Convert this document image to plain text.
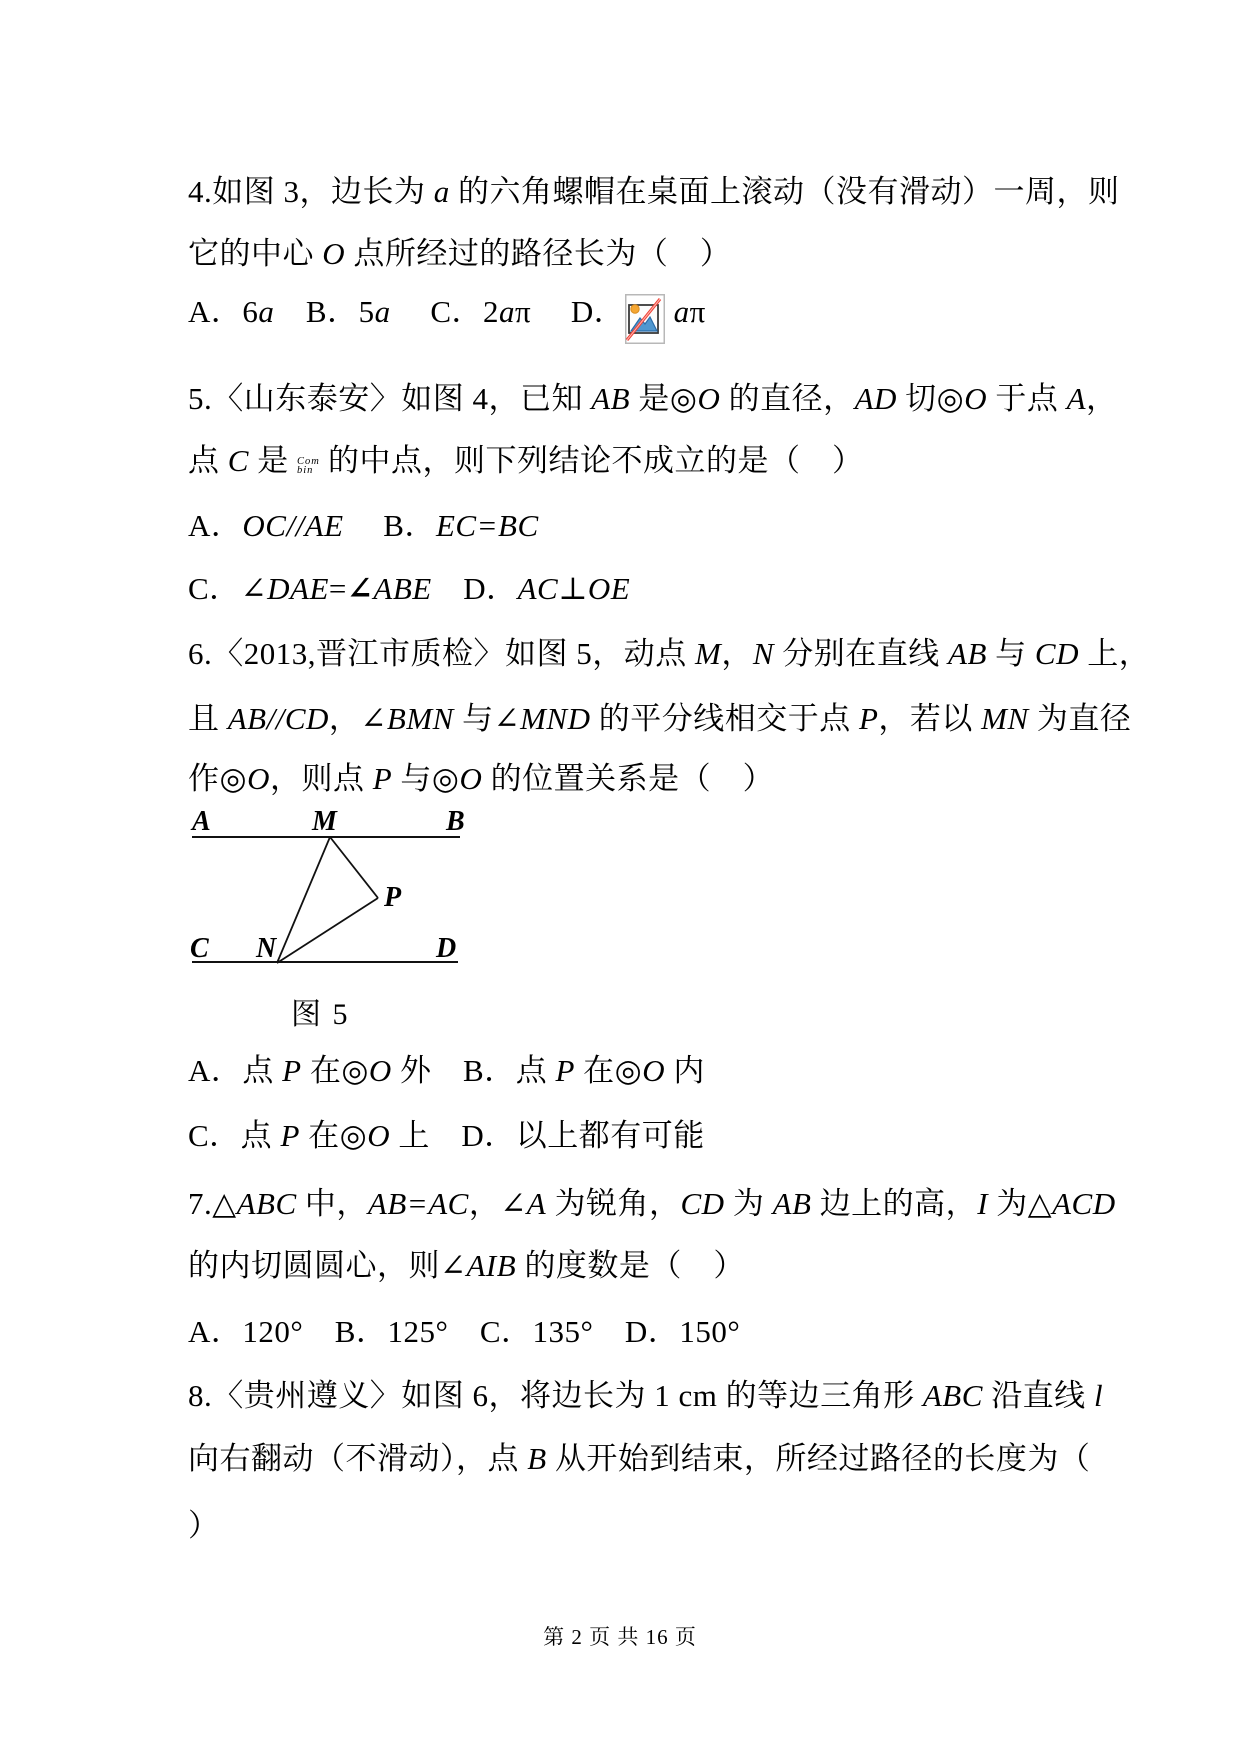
4.如图 3，边长为 a 的六角螺帽在桌面上滚动（没有滑动）一周，则
它的中心 O 点所经过的路径长为（　）
A．6a　B．5a　 C．2aπ　 D． aπ
5.〈山东泰安〉如图 4，已知 AB 是◎O 的直径，AD 切◎O 于点 A，
点 C 是 Com
bin 的中点，则下列结论不成立的是（　）
A．OC//AE　 B．EC=BC
C．∠DAE=∠ABE　D．AC⊥OE
6.〈2013,晋江市质检〉如图 5，动点 M，N 分别在直线 AB 与 CD 上，
且 AB//CD，∠BMN 与∠MND 的平分线相交于点 P，若以 MN 为直径
作◎O，则点 P 与◎O 的位置关系是（　）
A．点 P 在◎O 外　B．点 P 在◎O 内
C．点 P 在◎O 上　D．以上都有可能
7.△ABC 中，AB=AC，∠A 为锐角，CD 为 AB 边上的高，I 为△ACD
的内切圆圆心，则∠AIB 的度数是（　）
A．120°　B．125°　C．135°　D．150°
8.〈贵州遵义〉如图 6，将边长为 1 cm 的等边三角形 ABC 沿直线 l
向右翻动（不滑动），点 B 从开始到结束，所经过路径的长度为（
）
A	M	B
P
C N	D
图 5
第 2 页 共 16 页
